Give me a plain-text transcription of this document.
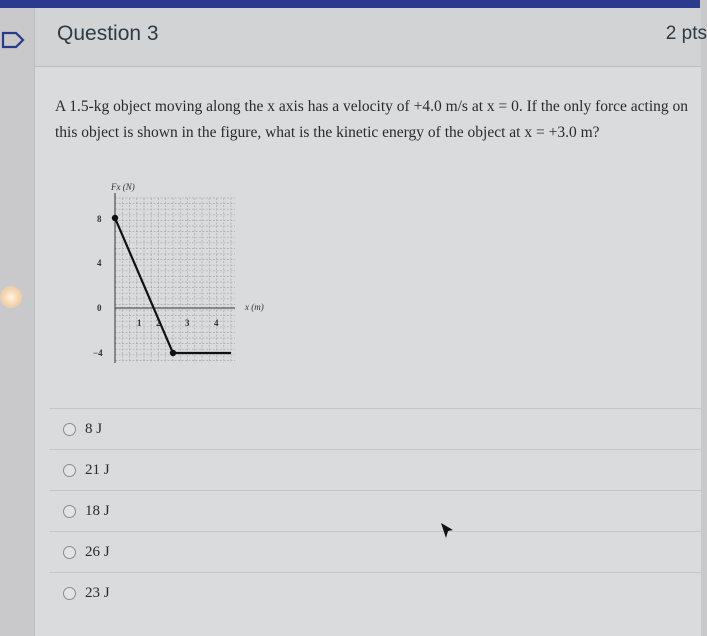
Question 3	2 pts
A 1.5-kg object moving along the x axis has a velocity of +4.0 m/s at x = 0. If the only force acting on this object is shown in the figure, what is the kinetic energy of the object at x = +3.0 m?
Fx (N)
x (m)
8
4
0
−4
1 2	3	4
8 J
21 J
18 J
26 J
23 J
